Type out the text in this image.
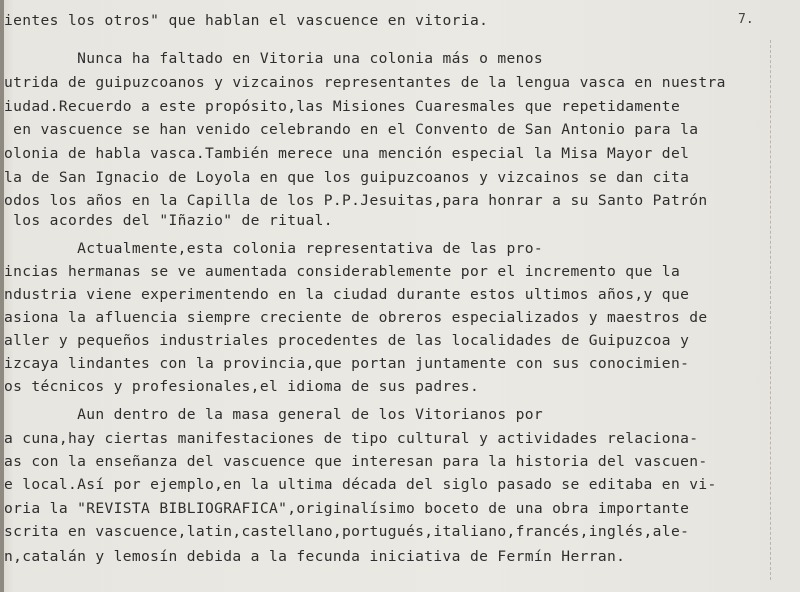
7.
ientes los otros" que hablan el vascuence en vitoria.
Nunca ha faltado en Vitoria una colonia más o menos
utrida de guipuzcoanos y vizcainos representantes de la lengua vasca en nuestra
iudad.Recuerdo a este propósito,las Misiones Cuaresmales que repetidamente
en vascuence se han venido celebrando en el Convento de San Antonio para la
olonia de habla vasca.También merece una mención especial la Misa Mayor del
la de San Ignacio de Loyola en que los guipuzcoanos y vizcainos se dan cita
odos los años en la Capilla de los P.P.Jesuitas,para honrar a su Santo Patrón
los acordes del "Iñazio" de ritual.
Actualmente,esta colonia representativa de las pro-
incias hermanas se ve aumentada considerablemente por el incremento que la
ndustria viene experimentendo en la ciudad durante estos ultimos años,y que
asiona la afluencia siempre creciente de obreros especializados y maestros de
aller y pequeños industriales procedentes de las localidades de Guipuzcoa y
izcaya lindantes con la provincia,que portan juntamente con sus conocimien-
os técnicos y profesionales,el idioma de sus padres.
Aun dentro de la masa general de los Vitorianos por
a cuna,hay ciertas manifestaciones de tipo cultural y actividades relaciona-
as con la enseñanza del vascuence que interesan para la historia del vascuen-
e local.Así por ejemplo,en la ultima década del siglo pasado se editaba en vi-
oria la "REVISTA BIBLIOGRAFICA",originalísimo boceto de una obra importante
scrita en vascuence,latin,castellano,portugués,italiano,francés,inglés,ale-
n,catalán y lemosín debida a la fecunda iniciativa de Fermín Herran.
